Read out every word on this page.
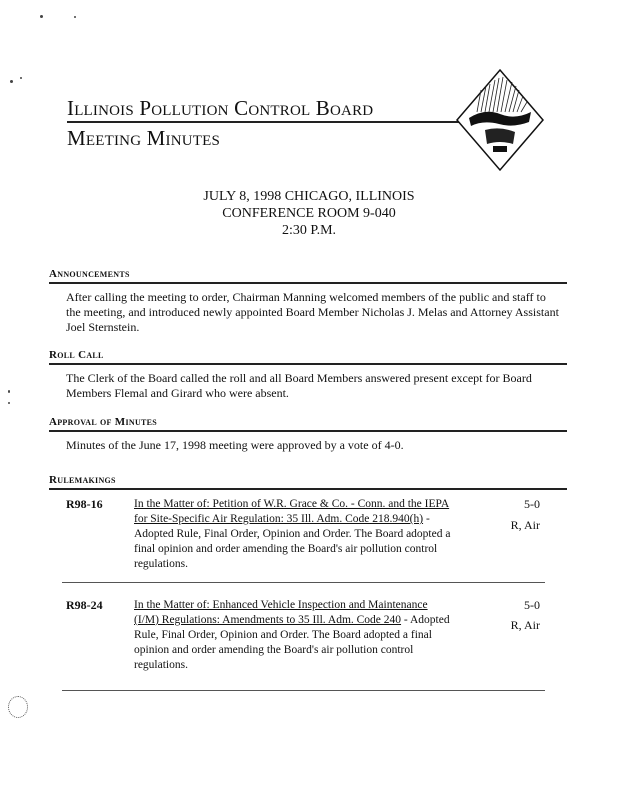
Illinois Pollution Control Board
Meeting Minutes
JULY 8, 1998 CHICAGO, ILLINOIS
CONFERENCE ROOM 9-040
2:30 P.M.
Announcements
After calling the meeting to order, Chairman Manning welcomed members of the public and staff to the meeting, and introduced newly appointed Board Member Nicholas J. Melas and Attorney Assistant Joel Sternstein.
Roll Call
The Clerk of the Board called the roll and all Board Members answered present except for Board Members Flemal and Girard who were absent.
Approval of Minutes
Minutes of the June 17, 1998 meeting were approved by a vote of 4-0.
Rulemakings
R98-16	In the Matter of: Petition of W.R. Grace & Co. - Conn. and the IEPA for Site-Specific Air Regulation: 35 Ill. Adm. Code 218.940(h) - Adopted Rule, Final Order, Opinion and Order. The Board adopted a final opinion and order amending the Board's air pollution control regulations.
5-0
R, Air
R98-24	In the Matter of: Enhanced Vehicle Inspection and Maintenance (I/M) Regulations: Amendments to 35 Ill. Adm. Code 240 - Adopted Rule, Final Order, Opinion and Order. The Board adopted a final opinion and order amending the Board's air pollution control regulations.
5-0
R, Air
